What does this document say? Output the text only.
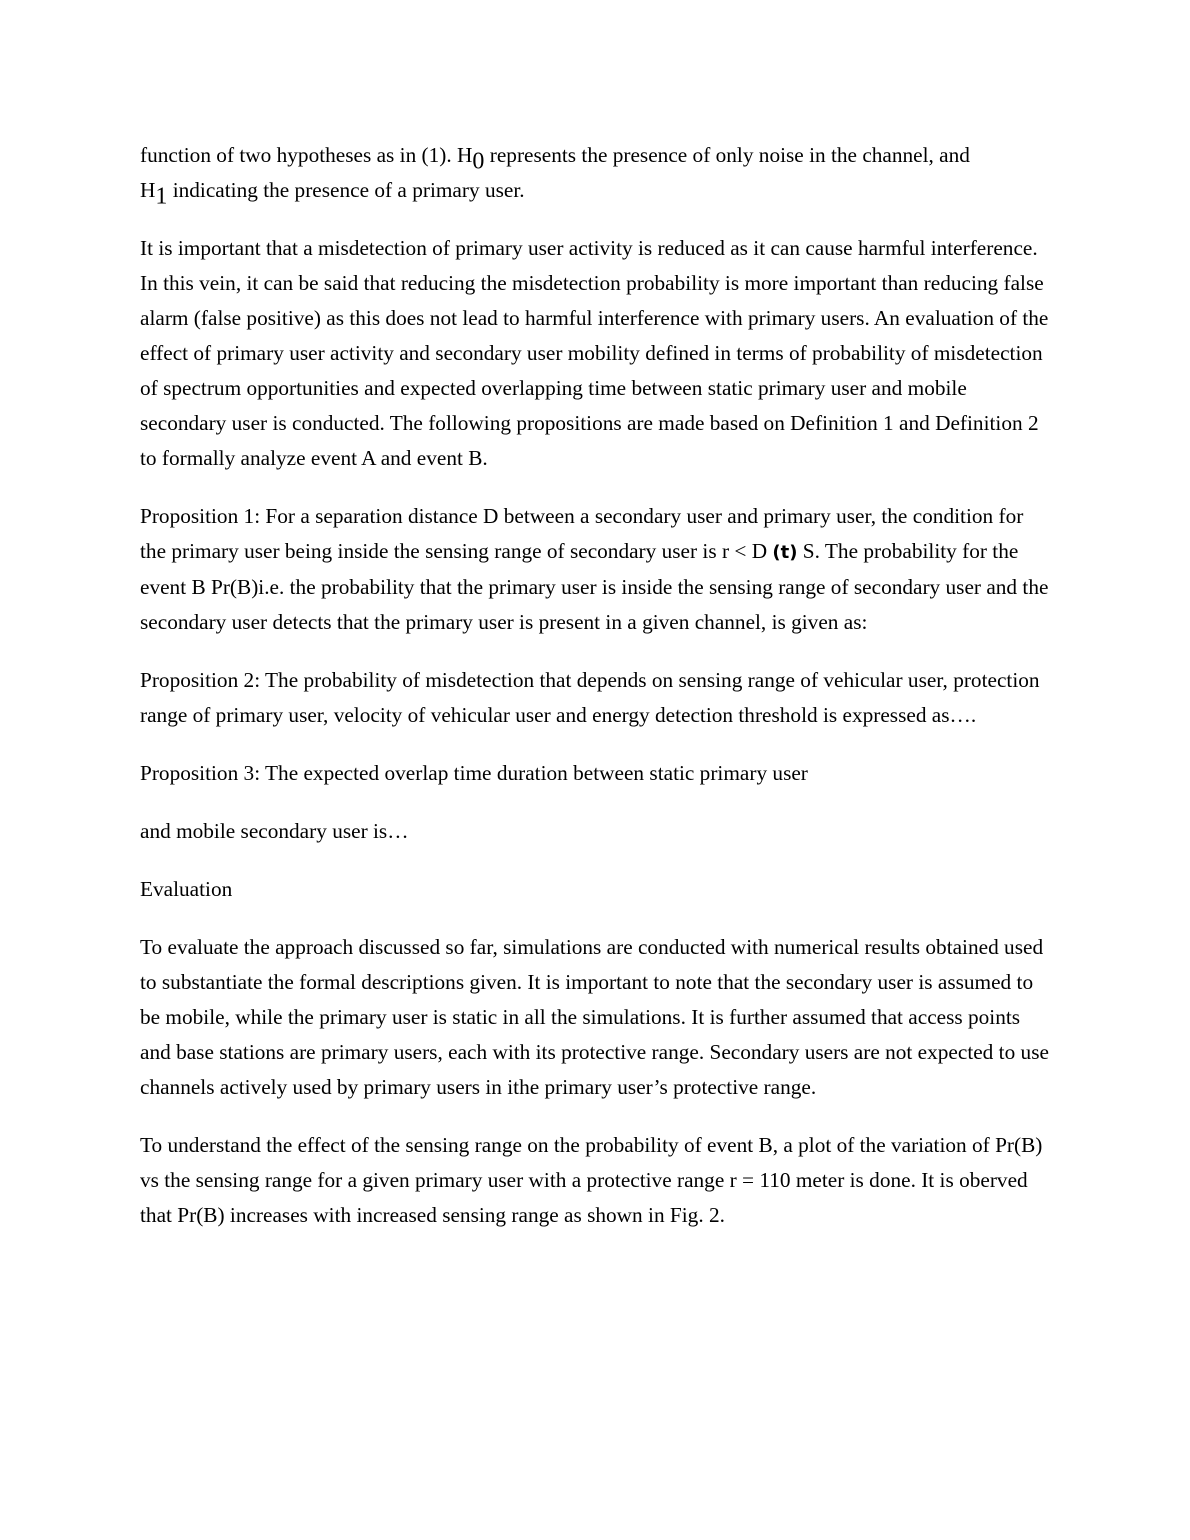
function of two hypotheses as in (1). H0 represents the presence of only noise in the channel, and
H1 indicating the presence of a primary user.

It is important that a misdetection of primary user activity is reduced as it can cause harmful interference. In this vein, it can be said that reducing the misdetection probability is more important than reducing false alarm (false positive) as this does not lead to harmful interference with primary users. An evaluation of the effect of primary user activity and secondary user mobility defined in terms of probability of misdetection of spectrum opportunities and expected overlapping time between static primary user and mobile secondary user is conducted. The following propositions are made based on Definition 1 and Definition 2 to formally analyze event A and event B.

Proposition 1: For a separation distance D between a secondary user and primary user, the condition for the primary user being inside the sensing range of secondary user is r < D (t) S. The probability for the event B Pr(B)i.e. the probability that the primary user is inside the sensing range of secondary user and the secondary user detects that the primary user is present in a given channel, is given as:

Proposition 2: The probability of misdetection that depends on sensing range of vehicular user, protection range of primary user, velocity of vehicular user and energy detection threshold is expressed as….

Proposition 3: The expected overlap time duration between static primary user

and mobile secondary user is…

Evaluation

To evaluate the approach discussed so far, simulations are conducted with numerical results obtained used to substantiate the formal descriptions given. It is important to note that the secondary user is assumed to be mobile, while the primary user is static in all the simulations. It is further assumed that access points and base stations are primary users, each with its protective range. Secondary users are not expected to use channels actively used by primary users in ithe primary user’s protective range.

To understand the effect of the sensing range on the probability of event B, a plot of the variation of Pr(B) vs the sensing range for a given primary user with a protective range r = 110 meter is done. It is oberved that Pr(B) increases with increased sensing range as shown in Fig. 2.
